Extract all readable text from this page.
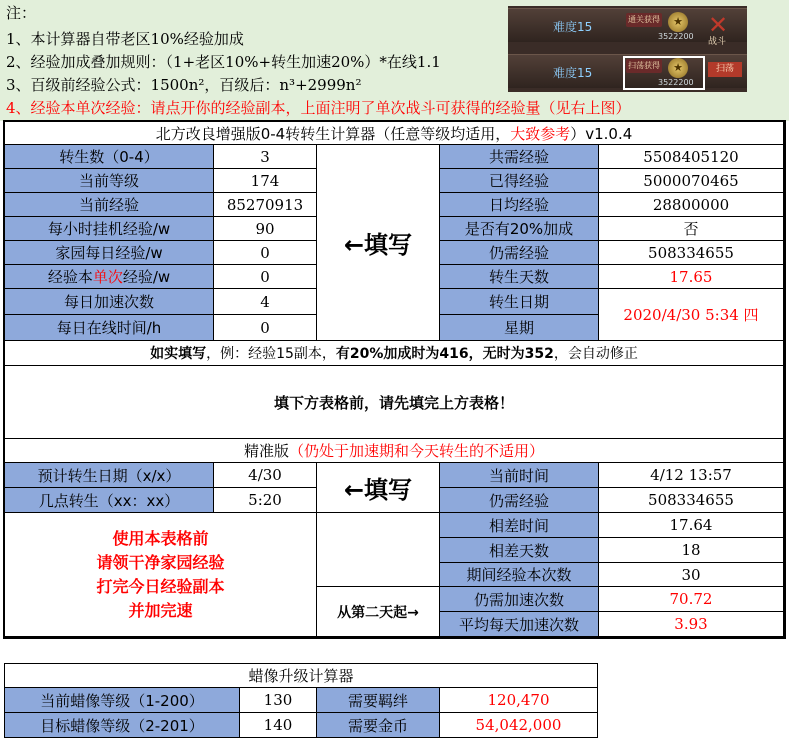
注：
1、本计算器自带老区10%经验加成
2、经验加成叠加规则：（1+老区10%+转生加速20%）*在线1.1
3、百级前经验公式：1500n²，百级后：n³+2999n²
4、经验本单次经验：请点开你的经验副本，上面注明了单次战斗可获得的经验量（见右上图）
难度15
通关获得	★
3522200 ✕
战斗
难度15
扫荡获得	★
3522200
扫荡
北方改良增强版0-4转转生计算器（任意等级均适用， 大致参考 ）v1.0.4
转生数（0-4）	3
当前等级	174
当前经验	85270913
每小时挂机经验/w	90
家园每日经验/w	0
经验本 单次 经验/w	0
每日加速次数	4
每日在线时间/h	0
←填写
共需经验	5508405120
已得经验	5000070465
日均经验	28800000
是否有20%加成	否
仍需经验	508334655
转生天数	17.65
转生日期
星期
2020/4/30 5:34 四
如实填写 ，例：经验15副本， 有20%加成时为416，无时为352 ，会自动修正
填下方表格前，请先填完上方表格！
精准版 （仍处于加速期和今天转生的不适用）
预计转生日期（x/x）	4/30
几点转生（xx：xx）	5:20	←填写
使用本表格前
请领干净家园经验
打完今日经验副本
并加完速	从第二天起→
当前时间	4/12 13:57
仍需经验	508334655
相差时间	17.64
相差天数	18
期间经验本次数	30
仍需加速次数	70.72
平均每天加速次数	3.93
蜡像升级计算器
当前蜡像等级（1-200）	130	需要羁绊	120,470
目标蜡像等级（2-201）	140	需要金币	54,042,000
